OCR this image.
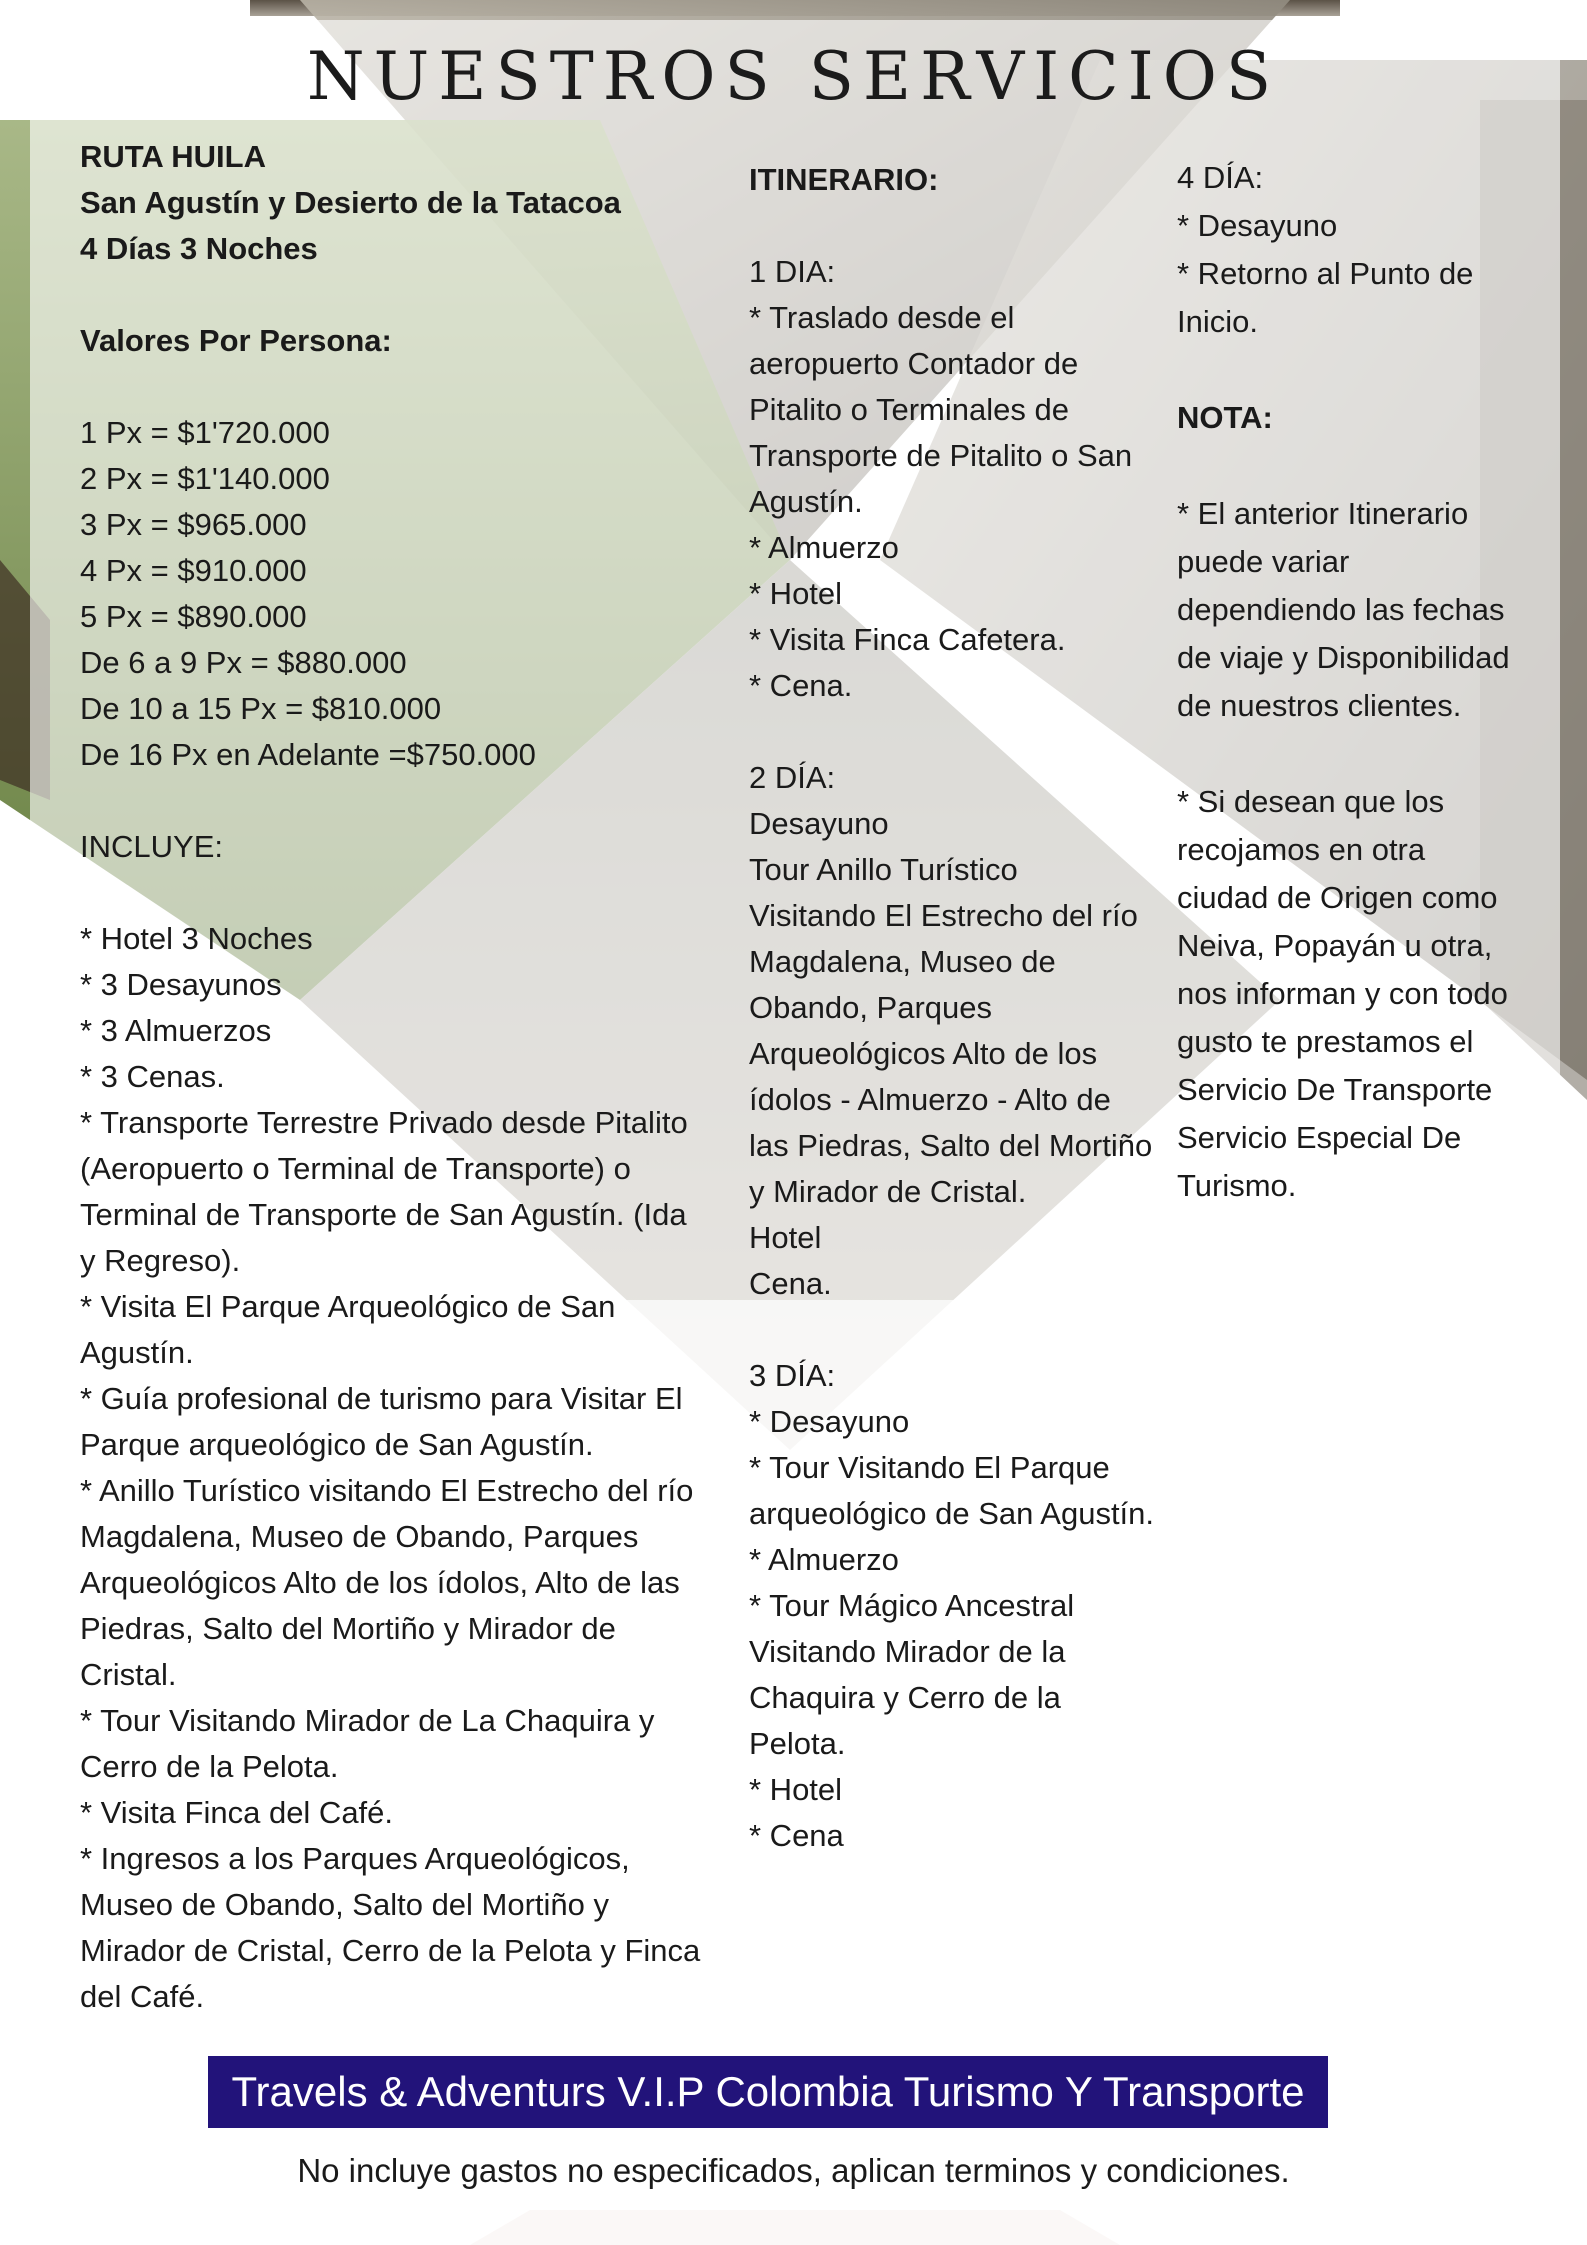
NUESTROS SERVICIOS
RUTA HUILA
San Agustín y Desierto de la Tatacoa
4 Días 3 Noches
Valores Por Persona:
1 Px = $1'720.000
2 Px = $1'140.000
3 Px = $965.000
4 Px = $910.000
5 Px = $890.000
De 6 a 9 Px = $880.000
De 10 a 15 Px = $810.000
De 16 Px en Adelante =$750.000
INCLUYE:
* Hotel 3 Noches
* 3 Desayunos
* 3 Almuerzos
* 3 Cenas.
* Transporte Terrestre Privado desde Pitalito
(Aeropuerto o Terminal de Transporte) o
Terminal de Transporte de San Agustín. (Ida
y Regreso).
* Visita El Parque Arqueológico de San
Agustín.
* Guía profesional de turismo para Visitar El
Parque arqueológico de San Agustín.
* Anillo Turístico visitando El Estrecho del río
Magdalena, Museo de Obando, Parques
Arqueológicos Alto de los ídolos, Alto de las
Piedras, Salto del Mortiño y Mirador de
Cristal.
* Tour Visitando Mirador de La Chaquira y
Cerro de la Pelota.
* Visita Finca del Café.
* Ingresos a los Parques Arqueológicos,
Museo de Obando, Salto del Mortiño y
Mirador de Cristal, Cerro de la Pelota y Finca
del Café.
ITINERARIO:
1 DIA:
* Traslado desde el
aeropuerto Contador de
Pitalito o Terminales de
Transporte de Pitalito o San
Agustín.
* Almuerzo
* Hotel
* Visita Finca Cafetera.
* Cena.
2 DÍA:
Desayuno
Tour Anillo Turístico
Visitando El Estrecho del río
Magdalena, Museo de
Obando, Parques
Arqueológicos Alto de los
ídolos - Almuerzo - Alto de
las Piedras, Salto del Mortiño
y Mirador de Cristal.
Hotel
Cena.
3 DÍA:
* Desayuno
* Tour Visitando El Parque
arqueológico de San Agustín.
* Almuerzo
* Tour Mágico Ancestral
Visitando Mirador de la
Chaquira y Cerro de la
Pelota.
* Hotel
* Cena
4 DÍA:
* Desayuno
* Retorno al Punto de
Inicio.
NOTA:
* El anterior Itinerario
puede variar
dependiendo las fechas
de viaje y Disponibilidad
de nuestros clientes.
* Si desean que los
recojamos en otra
ciudad de Origen como
Neiva, Popayán u otra,
nos informan y con todo
gusto te prestamos el
Servicio De Transporte
Servicio Especial De
Turismo.
Travels & Adventurs V.I.P Colombia Turismo Y Transporte
No incluye gastos no especificados, aplican terminos y condiciones.
